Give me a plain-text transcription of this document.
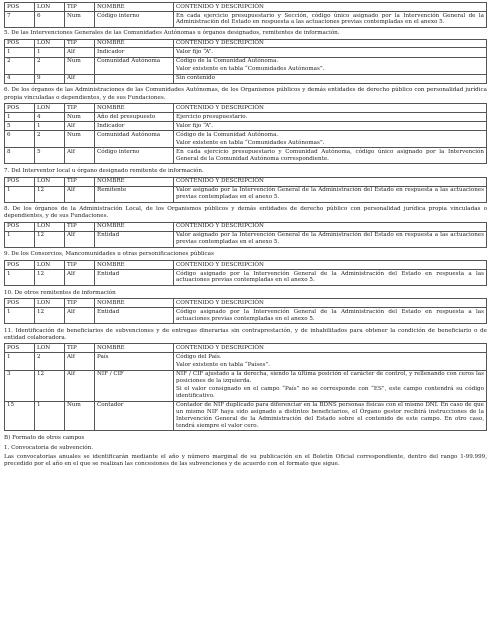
POS	LON	TIP	NOMBRE	CONTENIDO Y DESCRIPCIÓN
7	6	Num	Código interno	En cada ejercicio presupuestario y Sección, código único asignado por la Intervención General de la Administración del Estado en respuesta a las actuaciones previas contempladas en el anexo 5.

5. De las Intervenciones Generales de las Comunidades Autónomas u órganos designados, remitentes de información.

POS	LON	TIP	NOMBRE	CONTENIDO Y DESCRIPCIÓN
1	1	Alf	Indicador	Valor fijo “A”.

2	2	Num	Comunidad Autónoma	Código de la Comunidad Autónoma.

Valor existente en tabla “Comunidades Autónomas”.

4	9	Alf		Sin contenido

6. De los órganos de las Administraciones de las Comunidades Autónomas, de los Organismos públicos y demás entidades de derecho público con personalidad jurídica propia vinculadas o dependientes, y de sus Fundaciones.

POS	LON	TIP	NOMBRE	CONTENIDO Y DESCRIPCIÓN
1	4	Num	Año del presupuesto	Ejercicio presupuestario.

5	1	Alf	Indicador	Valor fijo “A”.

6	2	Num	Comunidad Autónoma	Código de la Comunidad Autónoma.

Valor existente en tabla “Comunidades Autónomas”.

8	5	Alf	Código interno	En cada ejercicio presupuestario y Comunidad Autónoma, código único asignado por la Intervención General de la Comunidad Autónoma correspondiente.

7. Del Interventor local u órgano designado remitente de información.

POS	LON	TIP	NOMBRE	CONTENIDO Y DESCRIPCIÓN
1	12	Alf	Remitente	Valor asignado por la Intervención General de la Administración del Estado en respuesta a las actuaciones previas contempladas en el anexo 5.

8. De los órganos de la Administración Local, de los Organismos públicos y demás entidades de derecho público con personalidad jurídica propia vinculadas o dependientes, y de sus Fundaciones.

POS	LON	TIP	NOMBRE	CONTENIDO Y DESCRIPCIÓN
1	12	Alf	Entidad	Valor asignado por la Intervención General de la Administración del Estado en respuesta a las actuaciones previas contempladas en el anexo 5.

9. De los Consorcios, Mancomunidades u otras personificaciones públicas

POS	LON	TIP	NOMBRE	CONTENIDO Y DESCRIPCIÓN
1	12	Alf	Entidad	Código asignado por la Intervención General de la Administración del Estado en respuesta a las actuaciones previas contempladas en el anexo 5.

10. De otros remitentes de información

POS	LON	TIP	NOMBRE	CONTENIDO Y DESCRIPCIÓN
1	12	Alf	Entidad	Código asignado por la Intervención General de la Administración del Estado en respuesta a las actuaciones previas contempladas en el anexo 5.

11. Identificación de beneficiarios de subvenciones y de entregas dinerarias sin contraprestación, y de inhabilitados para obtener la condición de beneficiario o de entidad colaboradora.

POS	LON	TIP	NOMBRE	CONTENIDO Y DESCRIPCIÓN
1	2	Alf	País	Código del País.

Valor existente en tabla “Países”.

3	12	Alf	NIF / CIF	NIF / CIF ajustado a la derecha, siendo la última posición el carácter de control, y rellenando con ceros las posiciones de la izquierda.

Si el valor consignado en el campo “País” no se corresponde con “ES”, este campo contendrá su código identificativo.

15	1	Num	Contador	Contador de NIF duplicado para diferenciar en la BDNS personas físicas con el mismo DNI. En caso de que un mismo NIF haya sido asignado a distintos beneficiarios, el Órgano gestor recibirá instrucciones de la Intervención General de la Administración del Estado sobre el contenido de este campo. En otro caso, tendrá siempre el valor cero.

B) Formato de otros campos

1. Convocatoria de subvención.

Las convocatorias anuales se identificarán mediante el año y número marginal de su publicación en el Boletín Oficial correspondiente, dentro del rango 1-99.999, precedido por el año en el que se realizan las concesiones de las subvenciones y de acuerdo con el formato que sigue.
